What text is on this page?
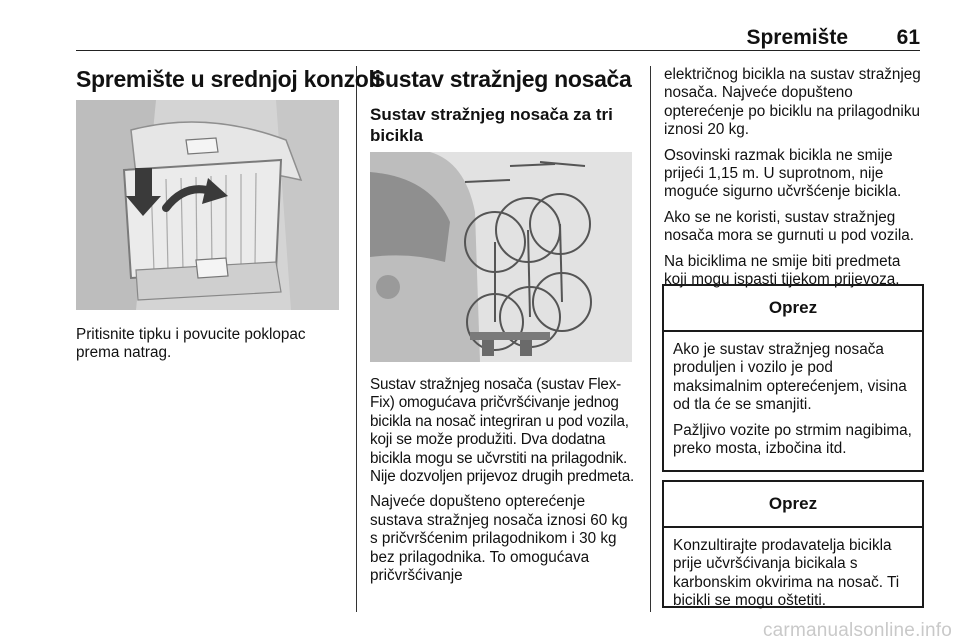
Spremište	61
Spremište u srednjoj konzoli
Pritisnite tipku i povucite poklopac prema natrag.
Sustav stražnjeg nosača
Sustav stražnjeg nosača za tri bicikla

Sustav stražnjeg nosača (sustav Flex-Fix) omogućava pričvršćivanje jednog bicikla na nosač integriran u pod vozila, koji se može produžiti. Dva dodatna bicikla mogu se učvrstiti na prilagodnik. Nije dozvoljen prijevoz drugih predmeta.

Najveće dopušteno opterećenje sustava stražnjeg nosača iznosi 60 kg s pričvršćenim prilagodnikom i 30 kg bez prilagodnika. To omogućava pričvršćivanje

električnog bicikla na sustav stražnjeg nosača. Najveće dopušteno opterećenje po biciklu na prilagodniku iznosi 20 kg.

Osovinski razmak bicikla ne smije prijeći 1,15 m. U suprotnom, nije moguće sigurno učvršćenje bicikla.

Ako se ne koristi, sustav stražnjeg nosača mora se gurnuti u pod vozila.

Na biciklima ne smije biti predmeta koji mogu ispasti tijekom prijevoza.

Oprez

Ako je sustav stražnjeg nosača produljen i vozilo je pod maksimalnim opterećenjem, visina od tla će se smanjiti.

Pažljivo vozite po strmim nagibima, preko mosta, izbočina itd.

Oprez

Konzultirajte prodavatelja bicikla prije učvršćivanja bicikala s karbonskim okvirima na nosač. Ti bicikli se mogu oštetiti.

carmanualsonline.info
